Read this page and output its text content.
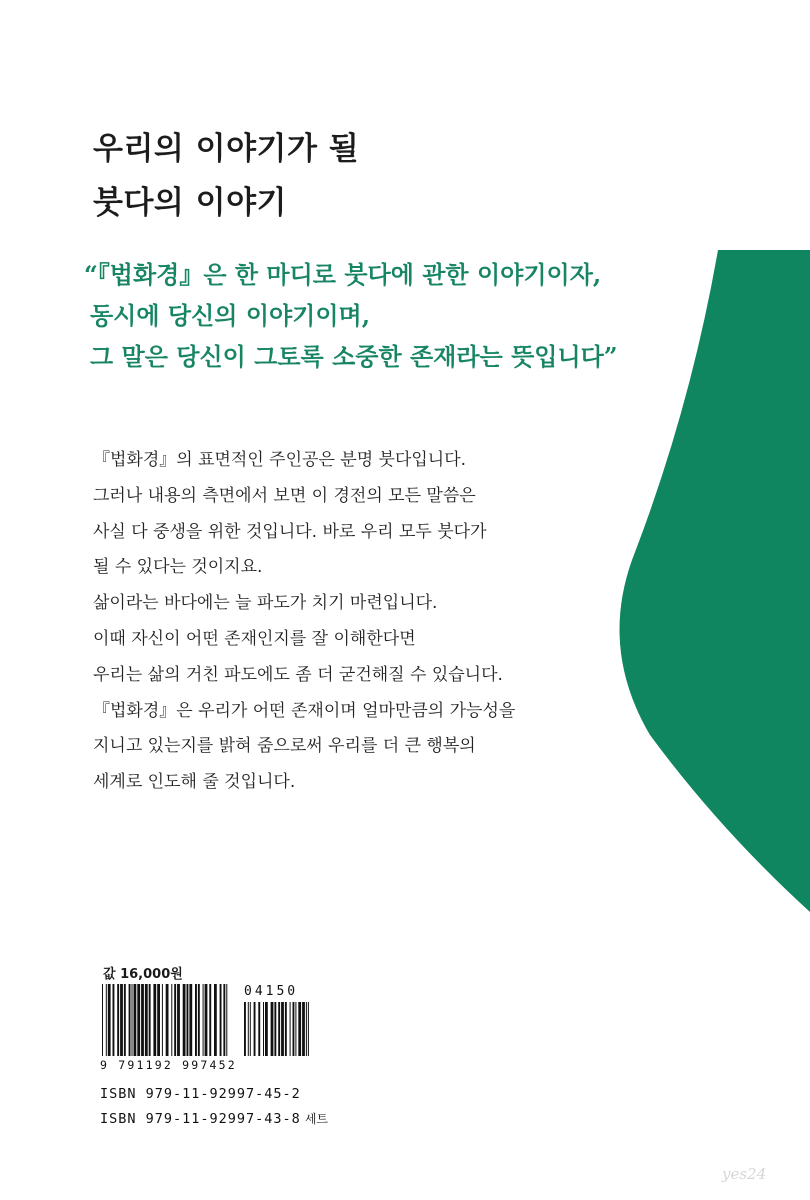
우리의 이야기가 될
붓다의 이야기
“『법화경』은 한 마디로 붓다에 관한 이야기이자,
동시에 당신의 이야기이며,
그 말은 당신이 그토록 소중한 존재라는 뜻입니다”
『법화경』의 표면적인 주인공은 분명 붓다입니다.
그러나 내용의 측면에서 보면 이 경전의 모든 말씀은
사실 다 중생을 위한 것입니다. 바로 우리 모두 붓다가
될 수 있다는 것이지요.
삶이라는 바다에는 늘 파도가 치기 마련입니다.
이때 자신이 어떤 존재인지를 잘 이해한다면
우리는 삶의 거친 파도에도 좀 더 굳건해질 수 있습니다.
『법화경』은 우리가 어떤 존재이며 얼마만큼의 가능성을
지니고 있는지를 밝혀 줌으로써 우리를 더 큰 행복의
세계로 인도해 줄 것입니다.
값 16,000원
04150
9 791192 997452
ISBN 979-11-92997-45-2
ISBN 979-11-92997-43-8 세트
yes24
